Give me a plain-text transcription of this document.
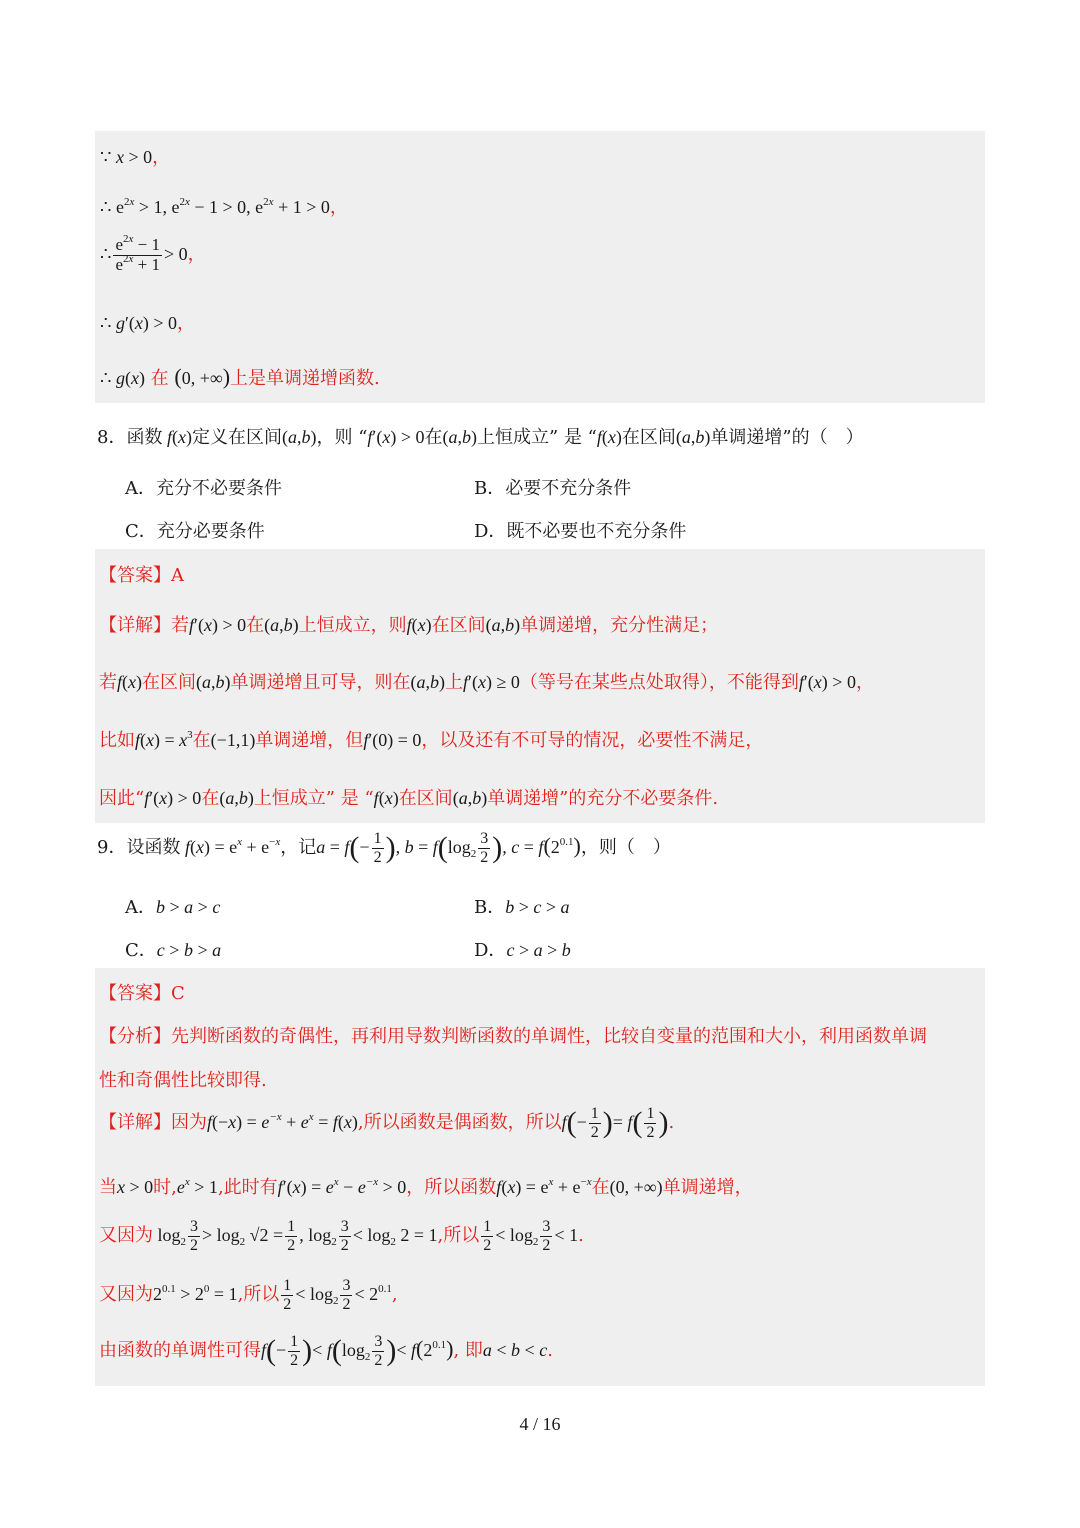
∵ x > 0，
∴ $e^{2x} > 1$, $e^{2x} - 1 > 0$, $e^{2x} + 1 > 0$，
∴ $\frac{e^{2x} - 1}{e^{2x} + 1} > 0$，
∴ g′(x) > 0，
∴ g(x) 在 (0, +∞)上是单调递增函数.
8．函数 f(x)定义在区间(a,b)，则 “f′(x) > 0在(a,b)上恒成立” 是 “f(x)在区间(a,b)单调递增”的（　）
A．充分不必要条件	B．必要不充分条件
C．充分必要条件	D．既不必要也不充分条件
【答案】A
【详解】若f′(x) > 0在(a,b)上恒成立，则f(x)在区间(a,b)单调递增，充分性满足；
若f(x)在区间(a,b)单调递增且可导，则在(a,b)上f′(x) ≥ 0（等号在某些点处取得），不能得到f′(x) > 0，
比如$f(x) = x^3$在(−1,1)单调递增，但f′(0) = 0，以及还有不可导的情况，必要性不满足，
因此“f′(x) > 0在(a,b)上恒成立” 是 “f(x)在区间(a,b)单调递增”的充分不必要条件.
9．设函数 $f(x) = e^x + e^{-x}$，记$a = f(- \frac{1}{2}$ ), $b = f(\log_2 \frac{3}{2}$ ), $c = f(2^{0.1})$，则（　）
A．b > a > c	B．b > c > a
C．c > b > a	D．c > a > b
【答案】C
【分析】先判断函数的奇偶性，再利用导数判断函数的单调性，比较自变量的范围和大小，利用函数单调
性和奇偶性比较即得.
【详解】因为$f(-x) = e^{-x} + e^x = f(x)$,所以函数是偶函数，所以$f(- \frac{1}{2}$ )= $f( \frac{1}{2}$ ).
当x > 0时$,e^x > 1$,此时有$f'(x) = e^x - e^{-x} > 0$，所以函数$f(x) = e^x + e^{-x}$在(0, +∞)单调递增，
又因为 $\log_2 \frac{3}{2} > \log_2 √2 = \frac{1}{2}$ , $\log_2 \frac{3}{2} < \log_2 2 = 1$,所以 $\frac{1}{2} < \log_2 \frac{3}{2} < 1$.
又因为$2^{0.1} > 2^0 = 1$,所以 $\frac{1}{2} < \log_2 \frac{3}{2} < 2^{0.1}$,
由函数的单调性可得$f(- \frac{1}{2}$ )< $f(\log_2 \frac{3}{2}$ )< $f(2^{0.1})$, 即a < b < c.
4 / 16
